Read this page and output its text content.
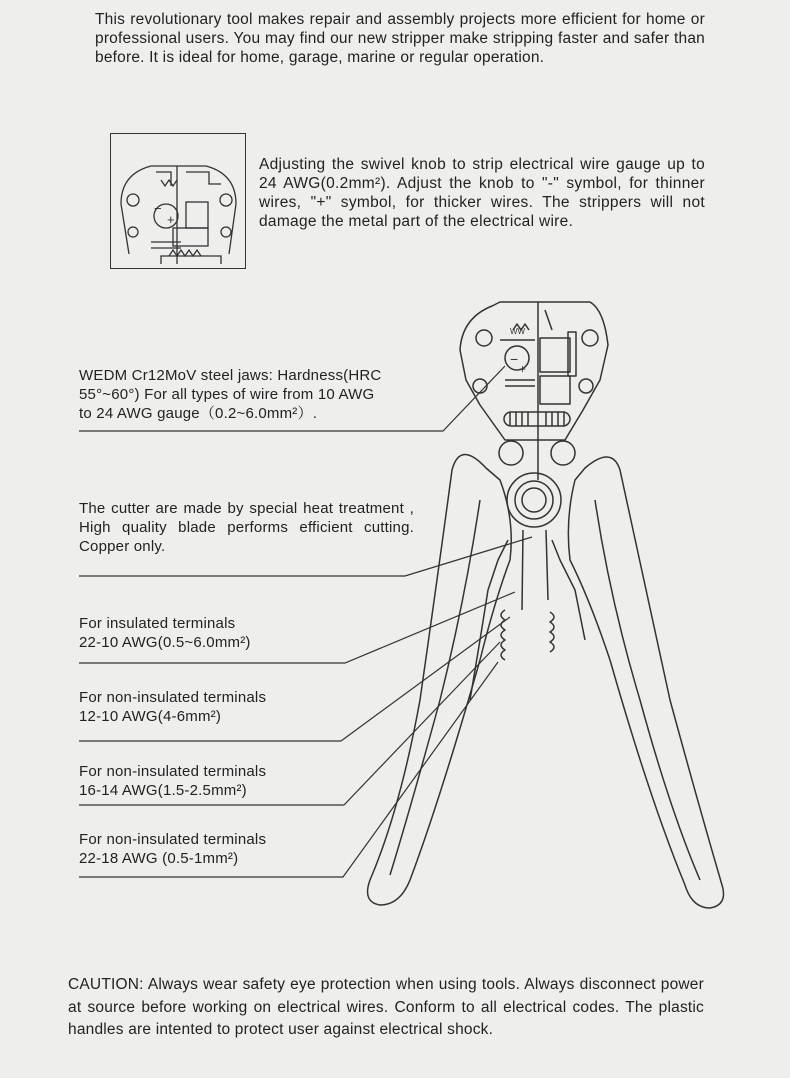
This revolutionary tool makes repair and assembly projects more efficient for home or professional users. You may find our new stripper make stripping faster and safer than before. It is ideal for home, garage, marine or regular operation.
−
+
Adjusting the swivel knob to strip electrical wire gauge up to 24 AWG(0.2mm²). Adjust the knob to "-" symbol, for thinner wires, "+" symbol, for thicker wires. The strippers will not damage the metal part of the electrical wire.
−
+
WW
WEDM Cr12MoV steel jaws: Hardness(HRC
55°~60°) For all types of wire from 10 AWG
to 24 AWG gauge（0.2~6.0mm²）.
The cutter are made by special heat treatment , High quality blade performs efficient cutting. Copper only.
For insulated terminals
22-10 AWG(0.5~6.0mm²)
For non-insulated terminals
12-10 AWG(4-6mm²)
For non-insulated terminals
16-14 AWG(1.5-2.5mm²)
For non-insulated terminals
22-18 AWG (0.5-1mm²)
CAUTION: Always wear safety eye protection when using tools. Always disconnect power at source before working on electrical wires. Conform to all electrical codes. The plastic handles are intented to protect user against electrical shock.
